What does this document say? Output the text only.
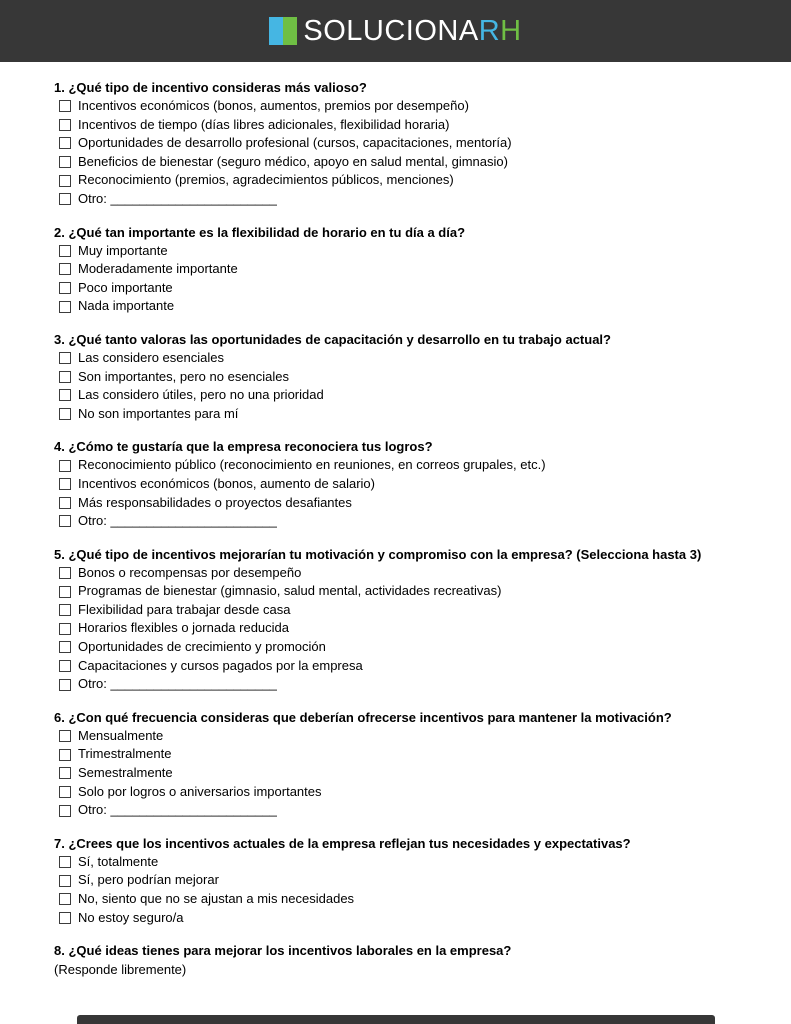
SOLUCIONARH
1. ¿Qué tipo de incentivo consideras más valioso?
Incentivos económicos (bonos, aumentos, premios por desempeño)
Incentivos de tiempo (días libres adicionales, flexibilidad horaria)
Oportunidades de desarrollo profesional (cursos, capacitaciones, mentoría)
Beneficios de bienestar (seguro médico, apoyo en salud mental, gimnasio)
Reconocimiento (premios, agradecimientos públicos, menciones)
Otro: _______________________
2. ¿Qué tan importante es la flexibilidad de horario en tu día a día?
Muy importante
Moderadamente importante
Poco importante
Nada importante
3. ¿Qué tanto valoras las oportunidades de capacitación y desarrollo en tu trabajo actual?
Las considero esenciales
Son importantes, pero no esenciales
Las considero útiles, pero no una prioridad
No son importantes para mí
4. ¿Cómo te gustaría que la empresa reconociera tus logros?
Reconocimiento público (reconocimiento en reuniones, en correos grupales, etc.)
Incentivos económicos (bonos, aumento de salario)
Más responsabilidades o proyectos desafiantes
Otro: _______________________
5. ¿Qué tipo de incentivos mejorarían tu motivación y compromiso con la empresa? (Selecciona hasta 3)
Bonos o recompensas por desempeño
Programas de bienestar (gimnasio, salud mental, actividades recreativas)
Flexibilidad para trabajar desde casa
Horarios flexibles o jornada reducida
Oportunidades de crecimiento y promoción
Capacitaciones y cursos pagados por la empresa
Otro: _______________________
6. ¿Con qué frecuencia consideras que deberían ofrecerse incentivos para mantener la motivación?
Mensualmente
Trimestralmente
Semestralmente
Solo por logros o aniversarios importantes
Otro: _______________________
7. ¿Crees que los incentivos actuales de la empresa reflejan tus necesidades y expectativas?
Sí, totalmente
Sí, pero podrían mejorar
No, siento que no se ajustan a mis necesidades
No estoy seguro/a
8. ¿Qué ideas tienes para mejorar los incentivos laborales en la empresa?
(Responde libremente)
